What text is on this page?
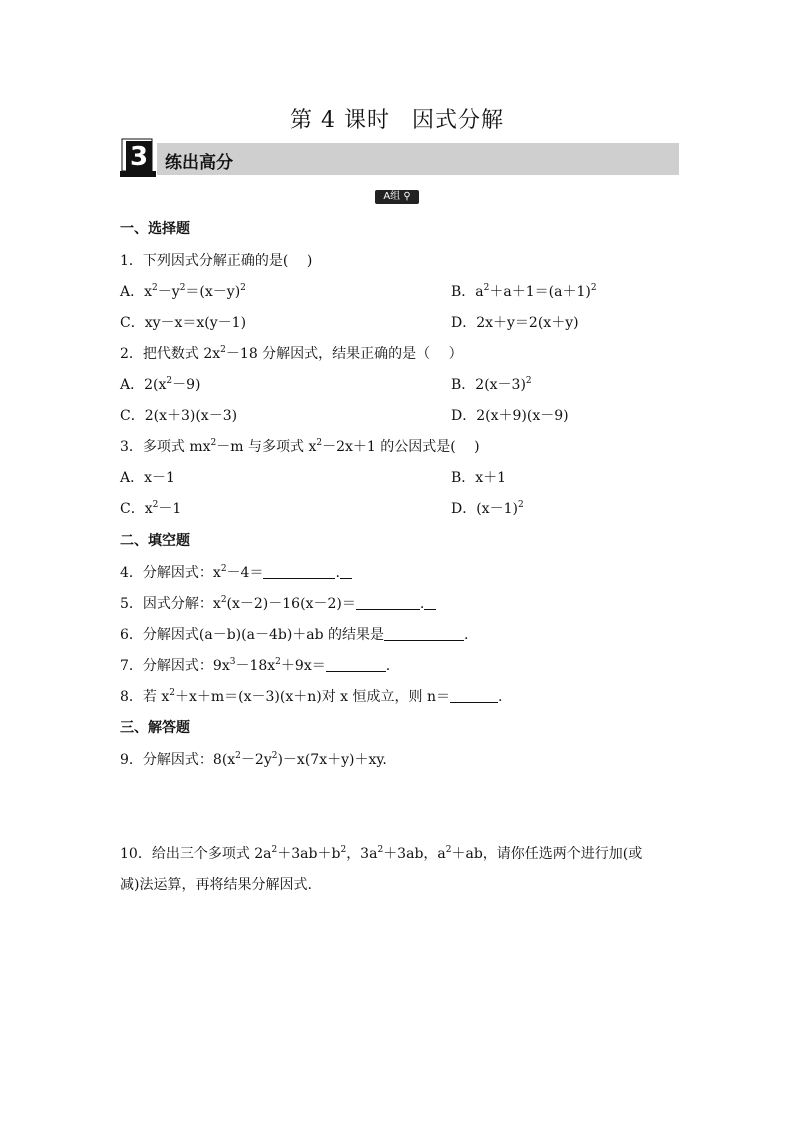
第 4 课时 因式分解
3 练出高分
A组 ⚲
一、选择题
1．下列因式分解正确的是(　 )
A．$x^2-y^2=(x-y)^2$	B．$a^2+a+1=(a+1)^2$
C．xy－x＝x(y－1)	D．2x＋y＝2(x＋y)
2．把代数式 $2x^2-18$ 分解因式，结果正确的是（　 ）
A．$2(x^2-9)$	B．$2(x-3)^2$
C．2(x＋3)(x－3)	D．2(x＋9)(x－9)
3．多项式 $mx^2-m$ 与多项式 $x^2-2x+1$ 的公因式是(　 )
A．x－1	B．x＋1
C．$x^2-1$	D．$(x-1)^2$
二、填空题
4．分解因式：$x^2-4=$	.
5．因式分解：$x^2(x-2)-16(x-2)=$	.
6．分解因式(a－b)(a－4b)＋ab 的结果是	.
7．分解因式：$9x^3-18x^2+9x=$	.
8．若 $x^2+x+m=(x-3)(x+n)$对 x 恒成立，则 n＝	.
三、解答题
9．分解因式：$8(x^2-2y^2)-x(7x+y)+xy$.
10．给出三个多项式 $2a^2+3ab+b^2$，$3a^2+3ab$，$a^2+ab$，请你任选两个进行加(或
减)法运算，再将结果分解因式.
